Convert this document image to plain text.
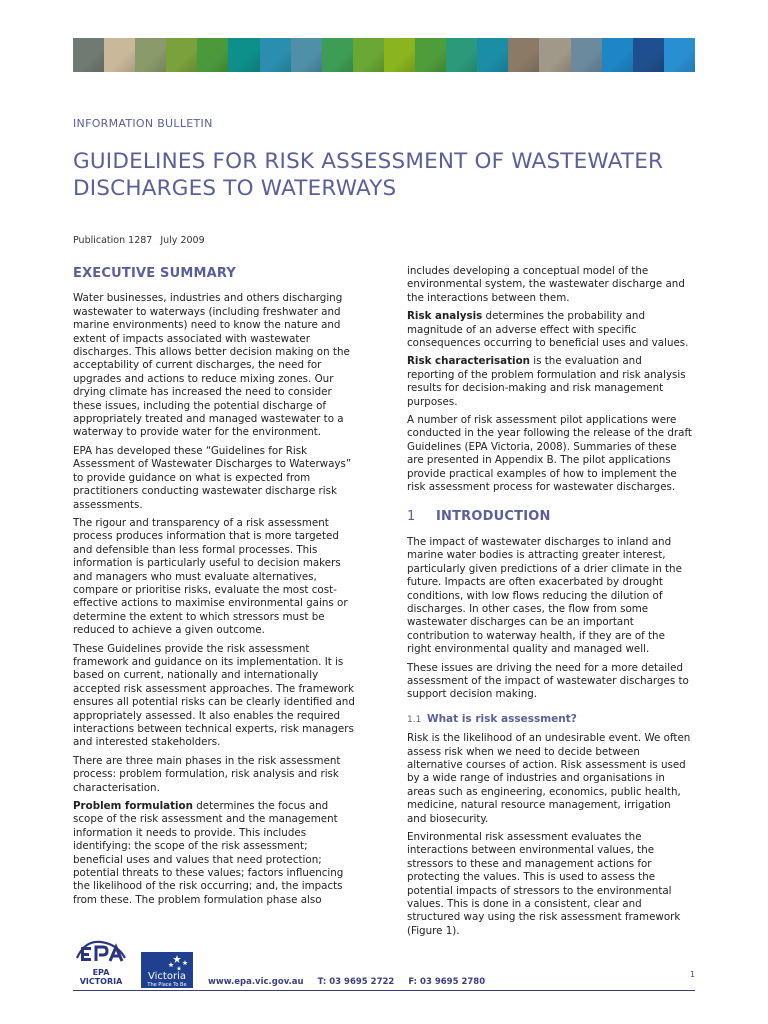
INFORMATION BULLETIN
GUIDELINES FOR RISK ASSESSMENT OF WASTEWATER DISCHARGES TO WATERWAYS
Publication 1287 July 2009
EXECUTIVE SUMMARY

Water businesses, industries and others discharging wastewater to waterways (including freshwater and marine environments) need to know the nature and extent of impacts associated with wastewater discharges. This allows better decision making on the acceptability of current discharges, the need for upgrades and actions to reduce mixing zones. Our drying climate has increased the need to consider these issues, including the potential discharge of appropriately treated and managed wastewater to a waterway to provide water for the environment.

EPA has developed these “Guidelines for Risk Assessment of Wastewater Discharges to Waterways” to provide guidance on what is expected from practitioners conducting wastewater discharge risk assessments.

The rigour and transparency of a risk assessment process produces information that is more targeted and defensible than less formal processes. This information is particularly useful to decision makers and managers who must evaluate alternatives, compare or prioritise risks, evaluate the most cost-effective actions to maximise environmental gains or determine the extent to which stressors must be reduced to achieve a given outcome.

These Guidelines provide the risk assessment framework and guidance on its implementation. It is based on current, nationally and internationally accepted risk assessment approaches. The framework ensures all potential risks can be clearly identified and appropriately assessed. It also enables the required interactions between technical experts, risk managers and interested stakeholders.

There are three main phases in the risk assessment process: problem formulation, risk analysis and risk characterisation.

Problem formulation determines the focus and scope of the risk assessment and the management information it needs to provide. This includes identifying: the scope of the risk assessment; beneficial uses and values that need protection; potential threats to these values; factors influencing the likelihood of the risk occurring; and, the impacts from these. The problem formulation phase also

includes developing a conceptual model of the environmental system, the wastewater discharge and the interactions between them.

Risk analysis determines the probability and magnitude of an adverse effect with specific consequences occurring to beneficial uses and values.

Risk characterisation is the evaluation and reporting of the problem formulation and risk analysis results for decision-making and risk management purposes.

A number of risk assessment pilot applications were conducted in the year following the release of the draft Guidelines (EPA Victoria, 2008). Summaries of these are presented in Appendix B. The pilot applications provide practical examples of how to implement the risk assessment process for wastewater discharges.

1 INTRODUCTION

The impact of wastewater discharges to inland and marine water bodies is attracting greater interest, particularly given predictions of a drier climate in the future. Impacts are often exacerbated by drought conditions, with low flows reducing the dilution of discharges. In other cases, the flow from some wastewater discharges can be an important contribution to waterway health, if they are of the right environmental quality and managed well.

These issues are driving the need for a more detailed assessment of the impact of wastewater discharges to support decision making.

1.1 What is risk assessment?

Risk is the likelihood of an undesirable event. We often assess risk when we need to decide between alternative courses of action. Risk assessment is used by a wide range of industries and organisations in areas such as engineering, economics, public health, medicine, natural resource management, irrigation and biosecurity.

Environmental risk assessment evaluates the interactions between environmental values, the stressors to these and management actions for protecting the values. This is used to assess the potential impacts of stressors to the environmental values. This is done in a consistent, clear and structured way using the risk assessment framework (Figure 1).

EPA
VICTORIA	Victoria
The Place To Be	www.epa.vic.gov.au T: 03 9695 2722 F: 03 9695 2780
1
